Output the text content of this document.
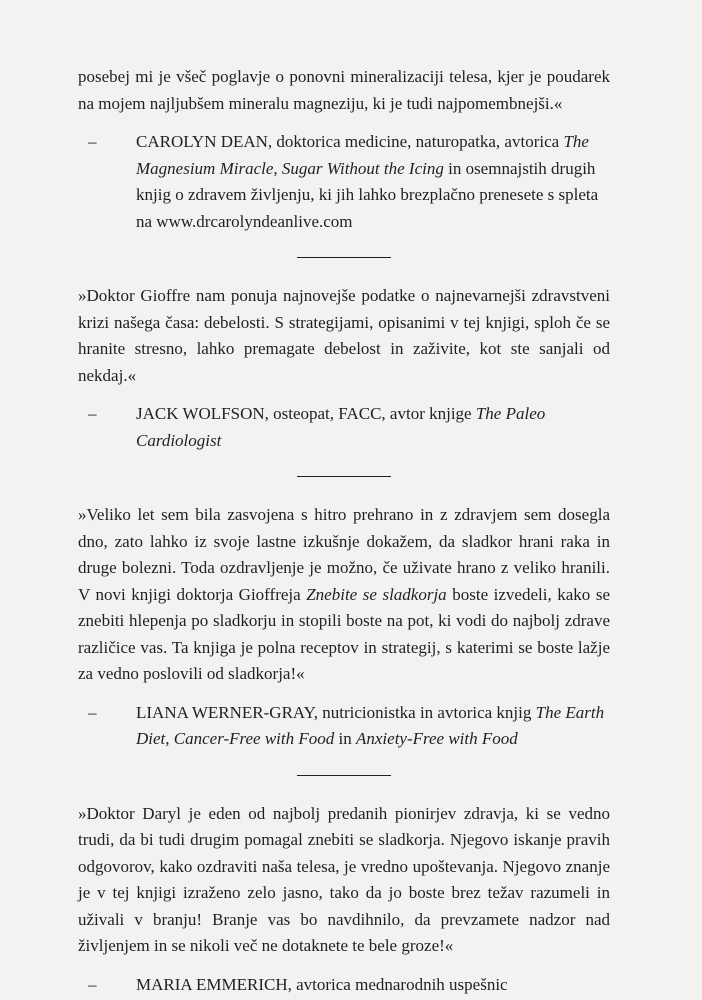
posebej mi je všeč poglavje o ponovni mineralizaciji telesa, kjer je poudarek na mojem najljubšem mineralu magneziju, ki je tudi najpomembnejši.«

–	CAROLYN DEAN, doktorica medicine, naturopatka, avtorica The Magnesium Miracle, Sugar Without the Icing in osemnajstih drugih knjig o zdravem življenju, ki jih lahko brezplačno prenesete s spleta na www.drcarolyndeanlive.com

»Doktor Gioffre nam ponuja najnovejše podatke o najnevarnejši zdravstveni krizi našega časa: debelosti. S strategijami, opisanimi v tej knjigi, sploh če se hranite stresno, lahko premagate debelost in zaživite, kot ste sanjali od nekdaj.«

–	JACK WOLFSON, osteopat, FACC, avtor knjige The Paleo Cardiologist

»Veliko let sem bila zasvojena s hitro prehrano in z zdravjem sem dosegla dno, zato lahko iz svoje lastne izkušnje dokažem, da sladkor hrani raka in druge bolezni. Toda ozdravljenje je možno, če uživate hrano z veliko hranili. V novi knjigi doktorja Gioffreja Znebite se sladkorja boste izvedeli, kako se znebiti hlepenja po sladkorju in stopili boste na pot, ki vodi do najbolj zdrave različice vas. Ta knjiga je polna receptov in strategij, s katerimi se boste lažje za vedno poslovili od sladkorja!«

–	LIANA WERNER-GRAY, nutricionistka in avtorica knjig The Earth Diet, Cancer-Free with Food in Anxiety-Free with Food

»Doktor Daryl je eden od najbolj predanih pionirjev zdravja, ki se vedno trudi, da bi tudi drugim pomagal znebiti se sladkorja. Njegovo iskanje pravih odgovorov, kako ozdraviti naša telesa, je vredno upoštevanja. Njegovo znanje je v tej knjigi izraženo zelo jasno, tako da jo boste brez težav razumeli in uživali v branju! Branje vas bo navdihnilo, da prevzamete nadzor nad življenjem in se nikoli več ne dotaknete te bele groze!«

–	MARIA EMMERICH, avtorica mednarodnih uspešnic
